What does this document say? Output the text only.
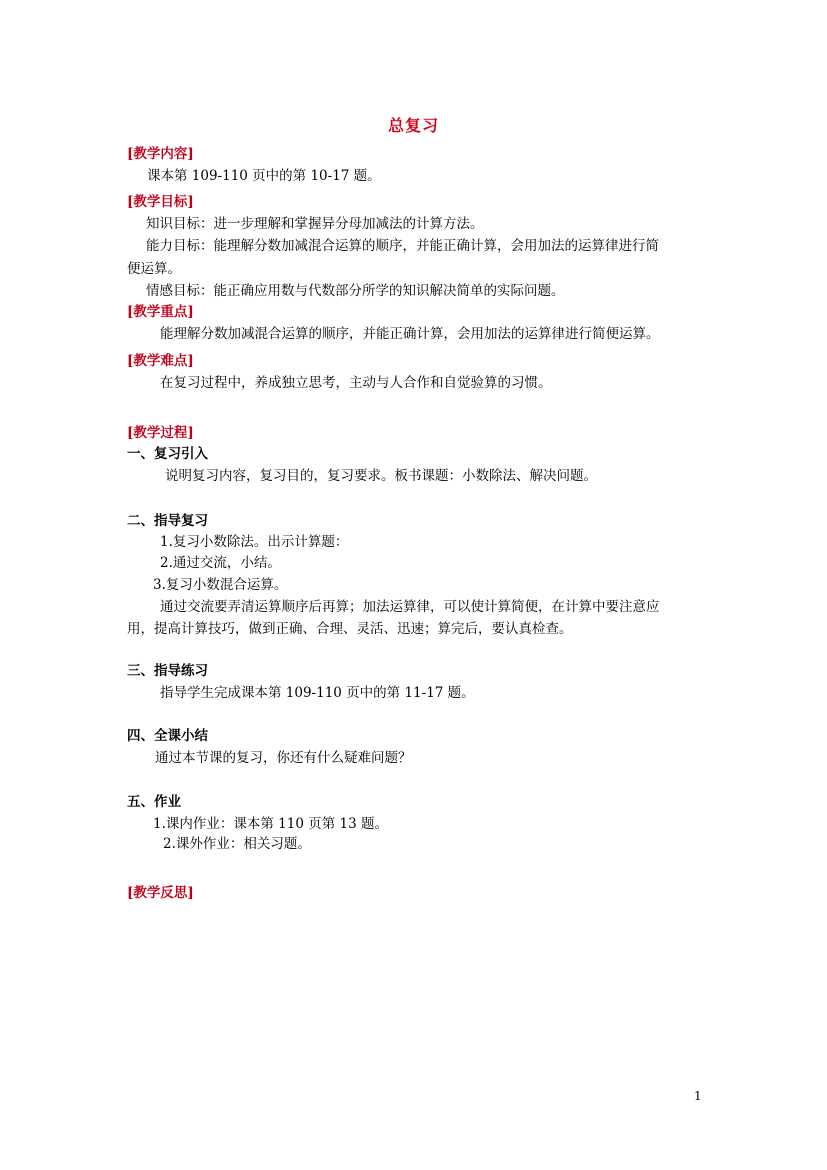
总复习
[教学内容]
课本第 109-110 页中的第 10-17 题。
[教学目标]
知识目标：进一步理解和掌握异分母加减法的计算方法。
能力目标：能理解分数加减混合运算的顺序，并能正确计算，会用加法的运算律进行简
便运算。
情感目标：能正确应用数与代数部分所学的知识解决简单的实际问题。
[教学重点]
能理解分数加减混合运算的顺序，并能正确计算，会用加法的运算律进行简便运算。
[教学难点]
在复习过程中，养成独立思考，主动与人合作和自觉验算的习惯。
[教学过程]
一、复习引入
说明复习内容，复习目的，复习要求。板书课题：小数除法、解决问题。
二、指导复习
1.复习小数除法。出示计算题：
2.通过交流，小结。
3.复习小数混合运算。
通过交流要弄清运算顺序后再算；加法运算律，可以使计算简便，在计算中要注意应
用，提高计算技巧，做到正确、合理、灵活、迅速；算完后，要认真检查。
三、指导练习
指导学生完成课本第 109-110 页中的第 11-17 题。
四、全课小结
通过本节课的复习，你还有什么疑难问题？
五、作业
1.课内作业：课本第 110 页第 13 题。
2.课外作业：相关习题。
[教学反思]
1
